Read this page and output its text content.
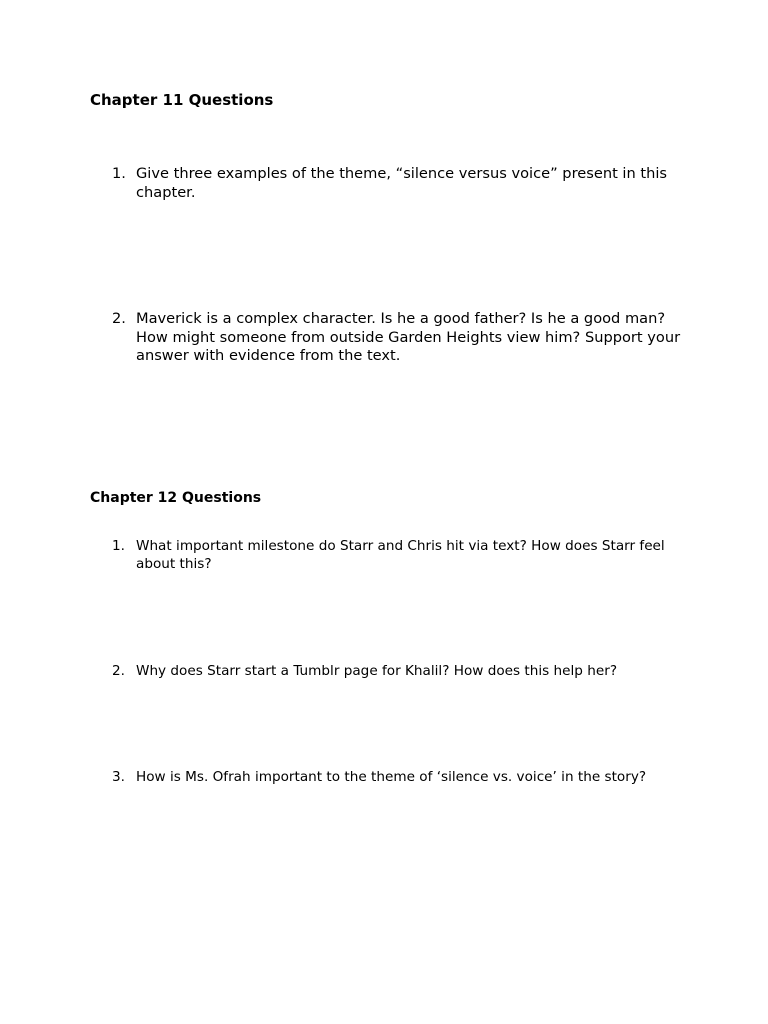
Chapter 11 Questions
1. Give three examples of the theme, “silence versus voice” present in this chapter.
2. Maverick is a complex character. Is he a good father? Is he a good man? How might someone from outside Garden Heights view him? Support your answer with evidence from the text.
Chapter 12 Questions
1. What important milestone do Starr and Chris hit via text? How does Starr feel about this?
2. Why does Starr start a Tumblr page for Khalil? How does this help her?
3. How is Ms. Ofrah important to the theme of ‘silence vs. voice’ in the story?
